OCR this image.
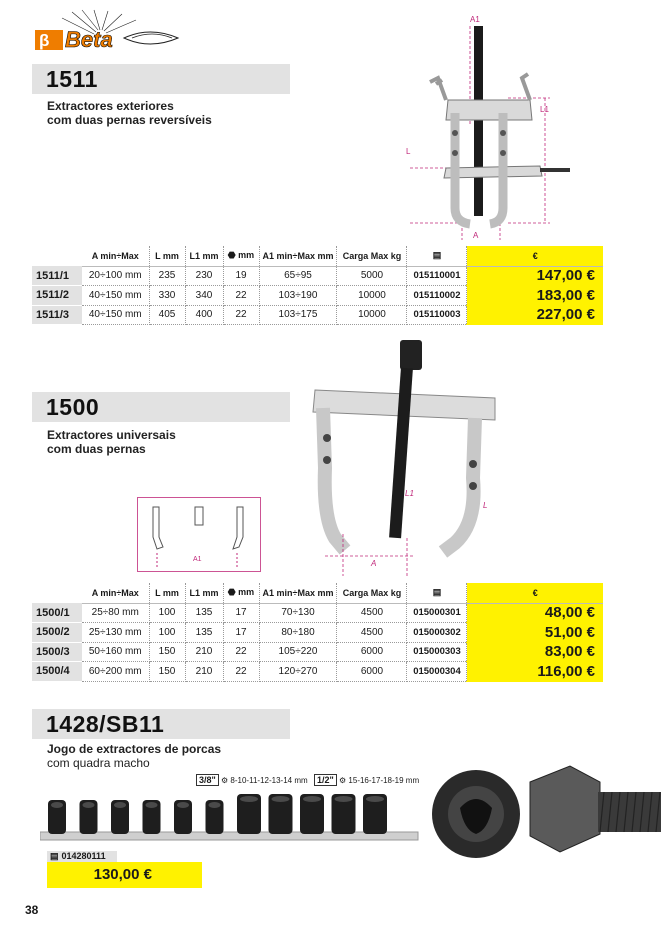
β Beta
1511
Extractores exteriores
com duas pernas reversíveis
A1
L1
L
A
	A min÷Max	L mm	L1 mm	⬣ mm	A1 min÷Max mm	Carga Max kg	▤	€
1511/1	20÷100 mm	235	230	19	65÷95	5000	015110001	147,00 €
1511/2	40÷150 mm	330	340	22	103÷190	10000	015110002	183,00 €
1511/3	40÷150 mm	405	400	22	103÷175	10000	015110003	227,00 €
1500
Extractores universais
com duas pernas
A1
L1
L
A
	A min÷Max	L mm	L1 mm	⬣ mm	A1 min÷Max mm	Carga Max kg	▤	€
1500/1	25÷80 mm	100	135	17	70÷130	4500	015000301	48,00 €
1500/2	25÷130 mm	100	135	17	80÷180	4500	015000302	51,00 €
1500/3	50÷160 mm	150	210	22	105÷220	6000	015000303	83,00 €
1500/4	60÷200 mm	150	210	22	120÷270	6000	015000304	116,00 €
1428/SB11
Jogo de extractores de porcas
com quadra macho
3/8" ⚙ 8-10-11-12-13-14 mm	1/2" ⚙ 15-16-17-18-19 mm
▤ 014280111
130,00 €
38
